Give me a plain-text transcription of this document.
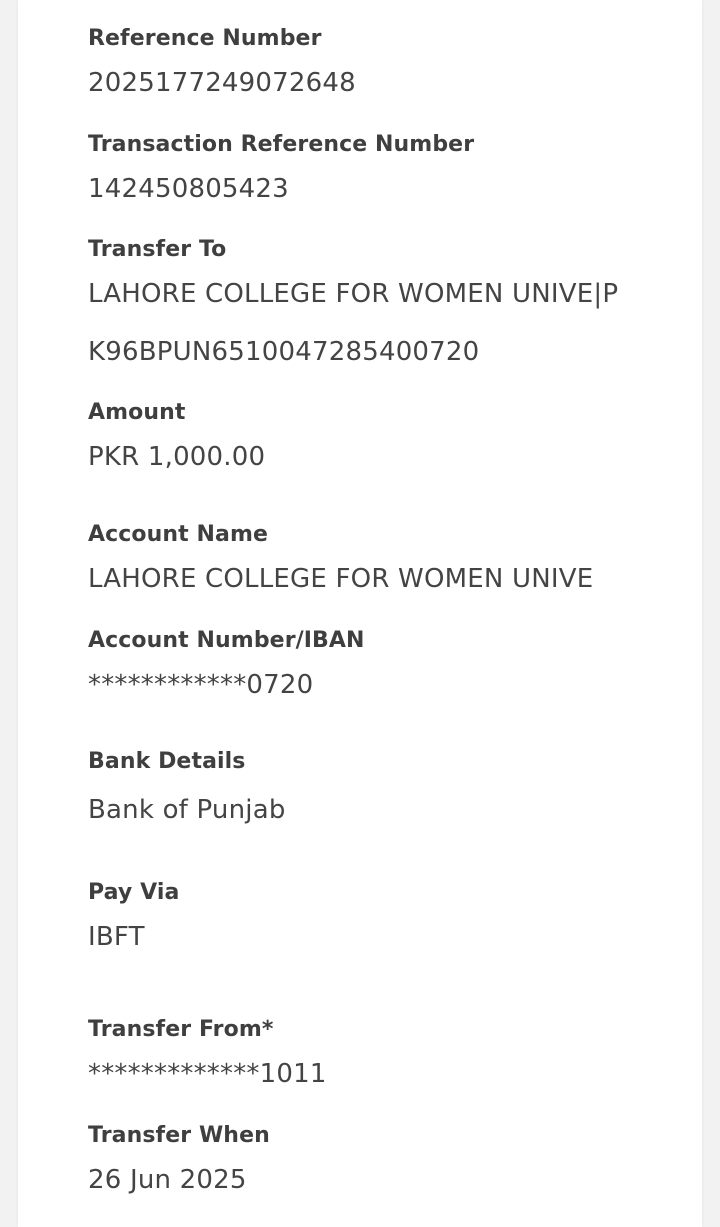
Reference Number
2025177249072648
Transaction Reference Number
142450805423
Transfer To
LAHORE COLLEGE FOR WOMEN UNIVE|P
K96BPUN6510047285400720
Amount
PKR 1,000.00
Account Name
LAHORE COLLEGE FOR WOMEN UNIVE
Account Number/IBAN
************0720
Bank Details
Bank of Punjab
Pay Via
IBFT
Transfer From*
*************1011
Transfer When
26 Jun 2025
